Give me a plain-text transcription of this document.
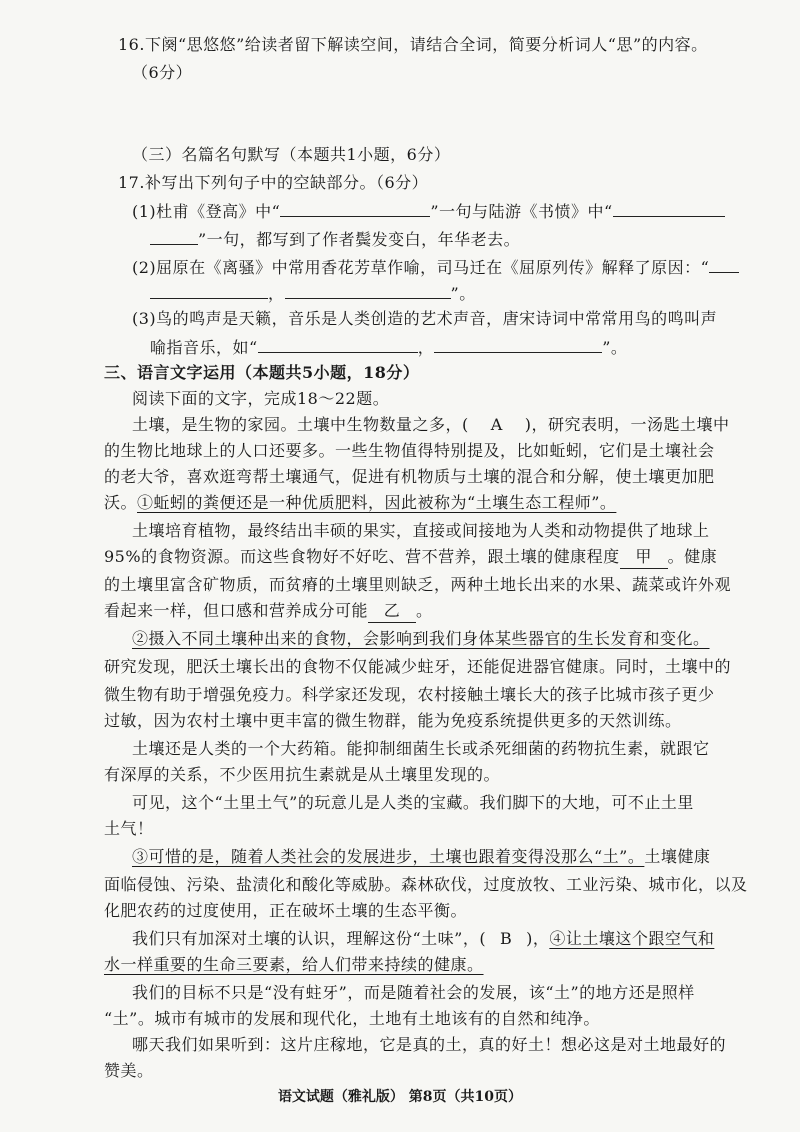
16.下阕“思悠悠”给读者留下解读空间，请结合全词，简要分析词人“思”的内容。
（6分）
（三）名篇名句默写（本题共1小题，6分）
17.补写出下列句子中的空缺部分。（6分）
(1)杜甫《登高》中“	”一句与陆游《书愤》中“
”一句，都写到了作者鬓发变白，年华老去。
(2)屈原在《离骚》中常用香花芳草作喻，司马迁在《屈原列传》解释了原因：“
，	”。
(3)鸟的鸣声是天籁，音乐是人类创造的艺术声音，唐宋诗词中常常用鸟的鸣叫声
喻指音乐，如“	，	”。
三、语言文字运用（本题共5小题，18分）
阅读下面的文字，完成18～22题。
土壤，是生物的家园。土壤中生物数量之多，( A )，研究表明，一汤匙土壤中
的生物比地球上的人口还要多。一些生物值得特别提及，比如蚯蚓，它们是土壤社会
的老大爷，喜欢逛弯帮土壤通气，促进有机物质与土壤的混合和分解，使土壤更加肥
沃。①蚯蚓的粪便还是一种优质肥料，因此被称为“土壤生态工程师”。
土壤培育植物，最终结出丰硕的果实，直接或间接地为人类和动物提供了地球上
95%的食物资源。而这些食物好不好吃、营不营养，跟土壤的健康程度 甲 。健康
的土壤里富含矿物质，而贫瘠的土壤里则缺乏，两种土地长出来的水果、蔬菜或许外观
看起来一样，但口感和营养成分可能 乙 。
②摄入不同土壤种出来的食物，会影响到我们身体某些器官的生长发育和变化。
研究发现，肥沃土壤长出的食物不仅能减少蛀牙，还能促进器官健康。同时，土壤中的
微生物有助于增强免疫力。科学家还发现，农村接触土壤长大的孩子比城市孩子更少
过敏，因为农村土壤中更丰富的微生物群，能为免疫系统提供更多的天然训练。
土壤还是人类的一个大药箱。能抑制细菌生长或杀死细菌的药物抗生素，就跟它
有深厚的关系，不少医用抗生素就是从土壤里发现的。
可见，这个“土里土气”的玩意儿是人类的宝藏。我们脚下的大地，可不止土里
土气！
③可惜的是，随着人类社会的发展进步，土壤也跟着变得没那么“土”。土壤健康
面临侵蚀、污染、盐渍化和酸化等威胁。森林砍伐，过度放牧、工业污染、城市化，以及
化肥农药的过度使用，正在破坏土壤的生态平衡。
我们只有加深对土壤的认识，理解这份“土味”，( B )，④让土壤这个跟空气和
水一样重要的生命三要素，给人们带来持续的健康。
我们的目标不只是“没有蛀牙”，而是随着社会的发展，该“土”的地方还是照样
“土”。城市有城市的发展和现代化，土地有土地该有的自然和纯净。
哪天我们如果听到：这片庄稼地，它是真的土，真的好土！想必这是对土地最好的
赞美。
语文试题（雅礼版） 第8页（共10页）
